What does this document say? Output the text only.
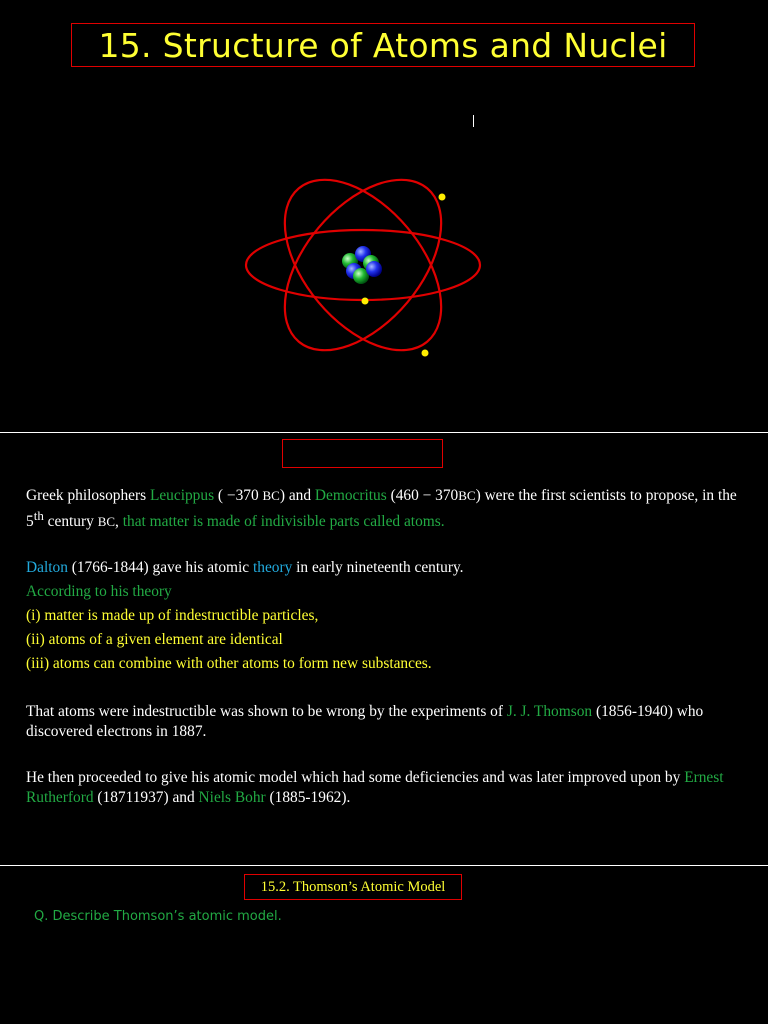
15. Structure of Atoms and Nuclei
Greek philosophers Leucippus ( −370 BC) and Democritus (460 − 370BC) were the first scientists to propose, in the 5th century BC, that matter is made of indivisible parts called atoms.
Dalton (1766-1844) gave his atomic theory in early nineteenth century.
According to his theory
(i) matter is made up of indestructible particles,
(ii) atoms of a given element are identical
(iii) atoms can combine with other atoms to form new substances.
That atoms were indestructible was shown to be wrong by the experiments of J. J. Thomson (1856-1940) who discovered electrons in 1887.
He then proceeded to give his atomic model which had some deficiencies and was later improved upon by Ernest Rutherford (18711937) and Niels Bohr (1885-1962).
15.2. Thomson’s Atomic Model
Q. Describe Thomson’s atomic model.
